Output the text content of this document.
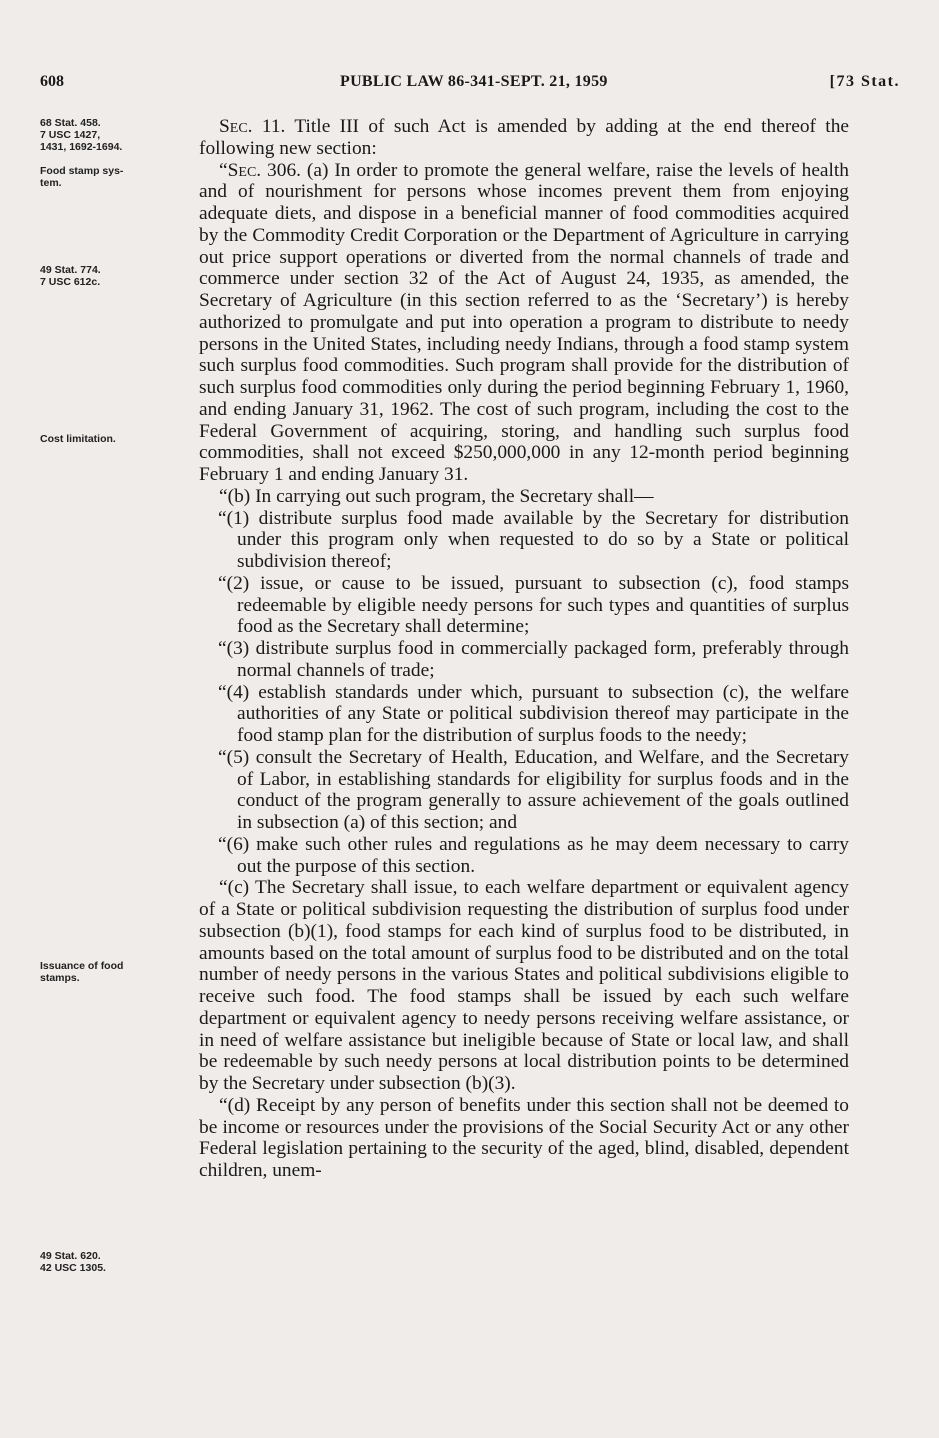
608	PUBLIC LAW 86-341-SEPT. 21, 1959	[73 Stat.
68 Stat. 458.
7 USC 1427,
1431, 1692-1694.
Food stamp sys-
tem.
49 Stat. 774.
7 USC 612c.
Cost limitation.
Issuance of food
stamps.
49 Stat. 620.
42 USC 1305.

Sec. 11. Title III of such Act is amended by adding at the end thereof the following new section:

“Sec. 306. (a) In order to promote the general welfare, raise the levels of health and of nourishment for persons whose incomes prevent them from enjoying adequate diets, and dispose in a beneficial manner of food commodities acquired by the Commodity Credit Corporation or the Department of Agriculture in carrying out price support operations or diverted from the normal channels of trade and commerce under section 32 of the Act of August 24, 1935, as amended, the Secretary of Agriculture (in this section referred to as the ‘Secretary’) is hereby authorized to promulgate and put into operation a program to distribute to needy persons in the United States, including needy Indians, through a food stamp system such surplus food commodities. Such program shall provide for the distribution of such surplus food commodities only during the period beginning February 1, 1960, and ending January 31, 1962. The cost of such program, including the cost to the Federal Government of acquiring, storing, and handling such surplus food commodities, shall not exceed $250,000,000 in any 12-month period beginning February 1 and ending January 31.

“(b) In carrying out such program, the Secretary shall—

“(1) distribute surplus food made available by the Secretary for distribution under this program only when requested to do so by a State or political subdivision thereof;

“(2) issue, or cause to be issued, pursuant to subsection (c), food stamps redeemable by eligible needy persons for such types and quantities of surplus food as the Secretary shall determine;

“(3) distribute surplus food in commercially packaged form, preferably through normal channels of trade;

“(4) establish standards under which, pursuant to subsection (c), the welfare authorities of any State or political subdivision thereof may participate in the food stamp plan for the distribution of surplus foods to the needy;

“(5) consult the Secretary of Health, Education, and Welfare, and the Secretary of Labor, in establishing standards for eligibility for surplus foods and in the conduct of the program generally to assure achievement of the goals outlined in subsection (a) of this section; and

“(6) make such other rules and regulations as he may deem necessary to carry out the purpose of this section.

“(c) The Secretary shall issue, to each welfare department or equivalent agency of a State or political subdivision requesting the distribution of surplus food under subsection (b)(1), food stamps for each kind of surplus food to be distributed, in amounts based on the total amount of surplus food to be distributed and on the total number of needy persons in the various States and political subdivisions eligible to receive such food. The food stamps shall be issued by each such welfare department or equivalent agency to needy persons receiving welfare assistance, or in need of welfare assistance but ineligible because of State or local law, and shall be redeemable by such needy persons at local distribution points to be determined by the Secretary under subsection (b)(3).

“(d) Receipt by any person of benefits under this section shall not be deemed to be income or resources under the provisions of the Social Security Act or any other Federal legislation pertaining to the security of the aged, blind, disabled, dependent children, unem-
